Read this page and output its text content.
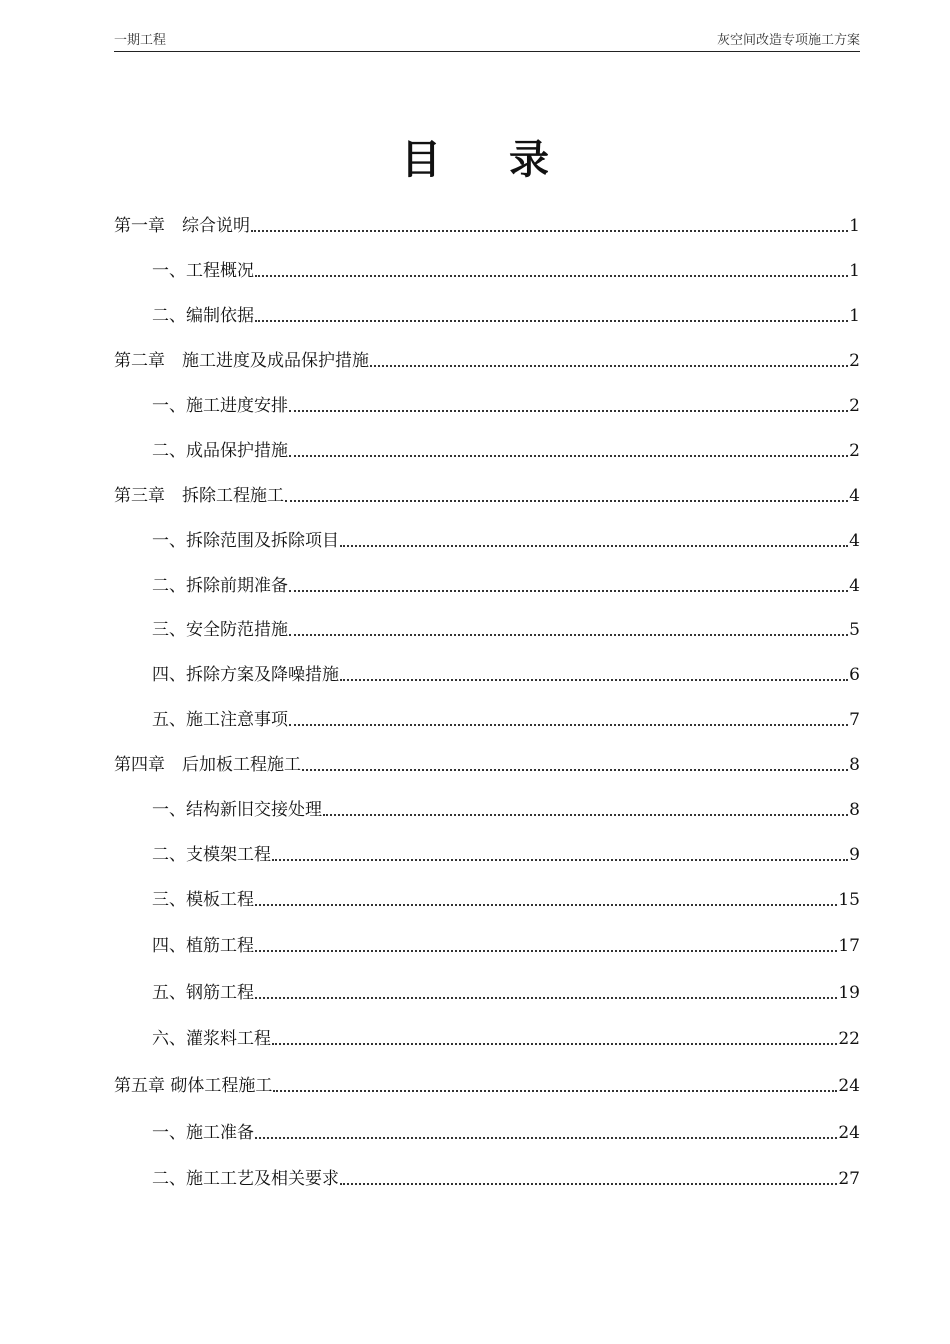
一期工程	灰空间改造专项施工方案
目录
第一章　综合说明	1
一、工程概况	1
二、编制依据	1
第二章　施工进度及成品保护措施	2
一、施工进度安排	2
二、成品保护措施	2
第三章　拆除工程施工	4
一、拆除范围及拆除项目	4
二、拆除前期准备	4
三、安全防范措施	5
四、拆除方案及降噪措施	6
五、施工注意事项	7
第四章　后加板工程施工	8
一、结构新旧交接处理	8
二、支模架工程	9
三、模板工程	15
四、植筋工程	17
五、钢筋工程	19
六、灌浆料工程	22
第五章 砌体工程施工	24
一、施工准备	24
二、施工工艺及相关要求	27
